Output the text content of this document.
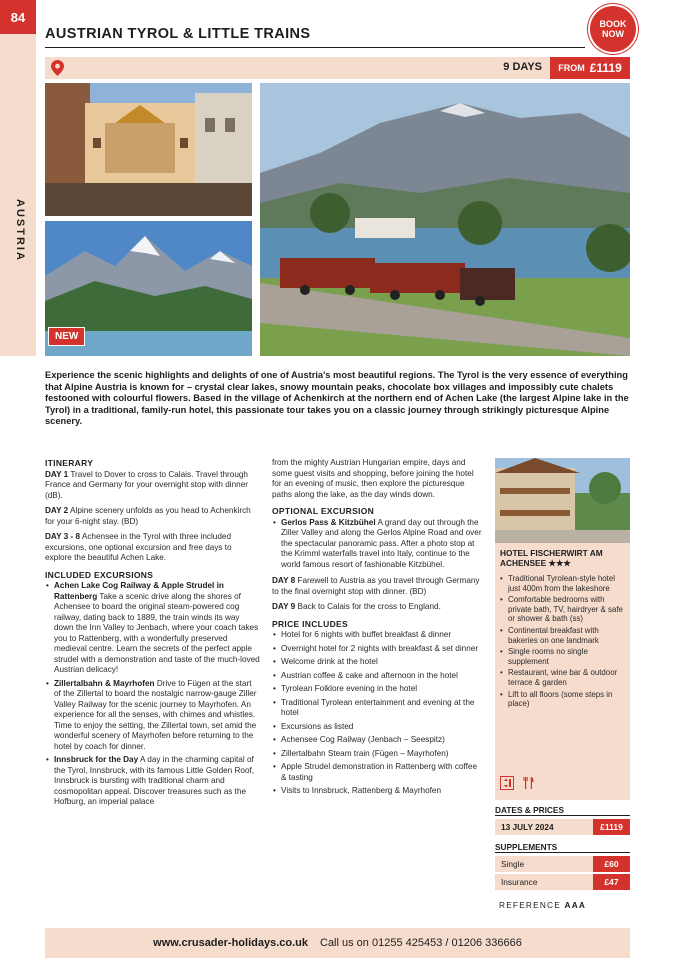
84
AUSTRIA
AUSTRIAN TYROL & LITTLE TRAINS
BOOK
NOW
9 DAYS FROM £1119
NEW
Experience the scenic highlights and delights of one of Austria's most beautiful regions. The Tyrol is the very essence of everything that Alpine Austria is known for – crystal clear lakes, snowy mountain peaks, chocolate box villages and impossibly cute chalets festooned with colourful flowers. Based in the village of Achenkirch at the northern end of Achen Lake (the largest Alpine lake in the Tyrol) in a traditional, family-run hotel, this passionate tour takes you on a classic journey through strikingly picturesque Alpine scenery.
ITINERARY

DAY 1 Travel to Dover to cross to Calais. Travel through France and Germany for your overnight stop with dinner (dB).

DAY 2 Alpine scenery unfolds as you head to Achenkirch for your 6-night stay. (BD)

DAY 3 - 8 Achensee in the Tyrol with three included excursions, one optional excursion and free days to explore the beautiful Achen Lake.

INCLUDED EXCURSIONS
• Achen Lake Cog Railway & Apple Strudel in Rattenberg Take a scenic drive along the shores of Achensee to board the original steam-powered cog railway, dating back to 1889, the train winds its way down the Inn Valley to Jenbach, where your coach takes you to Rattenberg, with a wonderfully preserved medieval centre. Learn the secrets of the perfect apple strudel with a demonstration and taste of the much-loved Austrian delicacy!
• Zillertalbahn & Mayrhofen Drive to Fügen at the start of the Zillertal to board the nostalgic narrow-gauge Ziller Valley Railway for the scenic journey to Mayrhofen. An experience for all the senses, with chimes and whistles. Time to enjoy the setting, the Zillertal town, set amid the wonderful scenery of Mayrhofen before returning to the hotel by coach for dinner.
• Innsbruck for the Day A day in the charming capital of the Tyrol, Innsbruck, with its famous Little Golden Roof, Innsbruck is bursting with traditional charm and cosmopolitan appeal. Discover treasures such as the Hofburg, an imperial palace

from the mighty Austrian Hungarian empire, days and some guest visits and shopping, before joining the hotel for an evening of music, then explore the picturesque paths along the lake, as the day winds down.

OPTIONAL EXCURSION
• Gerlos Pass & Kitzbühel A grand day out through the Ziller Valley and along the Gerlos Alpine Road and over the spectacular panoramic pass. After a photo stop at the Krimml waterfalls travel into Italy, continue to the world famous resort of fashionable Kitzbühel.

DAY 8 Farewell to Austria as you travel through Germany to the final overnight stop with dinner. (BD)

DAY 9 Back to Calais for the cross to England.

PRICE INCLUDES
• Hotel for 6 nights with buffet breakfast & dinner
• Overnight hotel for 2 nights with breakfast & set dinner
• Welcome drink at the hotel
• Austrian coffee & cake and afternoon in the hotel
• Tyrolean Folklore evening in the hotel
• Traditional Tyrolean entertainment and evening at the hotel
• Excursions as listed
• Achensee Cog Railway (Jenbach – Seespitz)
• Zillertalbahn Steam train (Fügen – Mayrhofen)
• Apple Strudel demonstration in Rattenberg with coffee & tasting
• Visits to Innsbruck, Rattenberg & Mayrhofen
HOTEL FISCHERWIRT AM ACHENSEE ★★★
• Traditional Tyrolean-style hotel just 400m from the lakeshore
• Comfortable bedrooms with private bath, TV, hairdryer & safe or shower & bath (ss)
• Continental breakfast with bakeries on one landmark
• Single rooms no single supplement
• Restaurant, wine bar & outdoor terrace & garden
• Lift to all floors (some steps in place)
DATES & PRICES
13 JULY 2024	£1119
SUPPLEMENTS
Single	£60
Insurance	£47
REFERENCE AAA
www.crusader-holidays.co.uk Call us on 01255 425453 / 01206 336666
